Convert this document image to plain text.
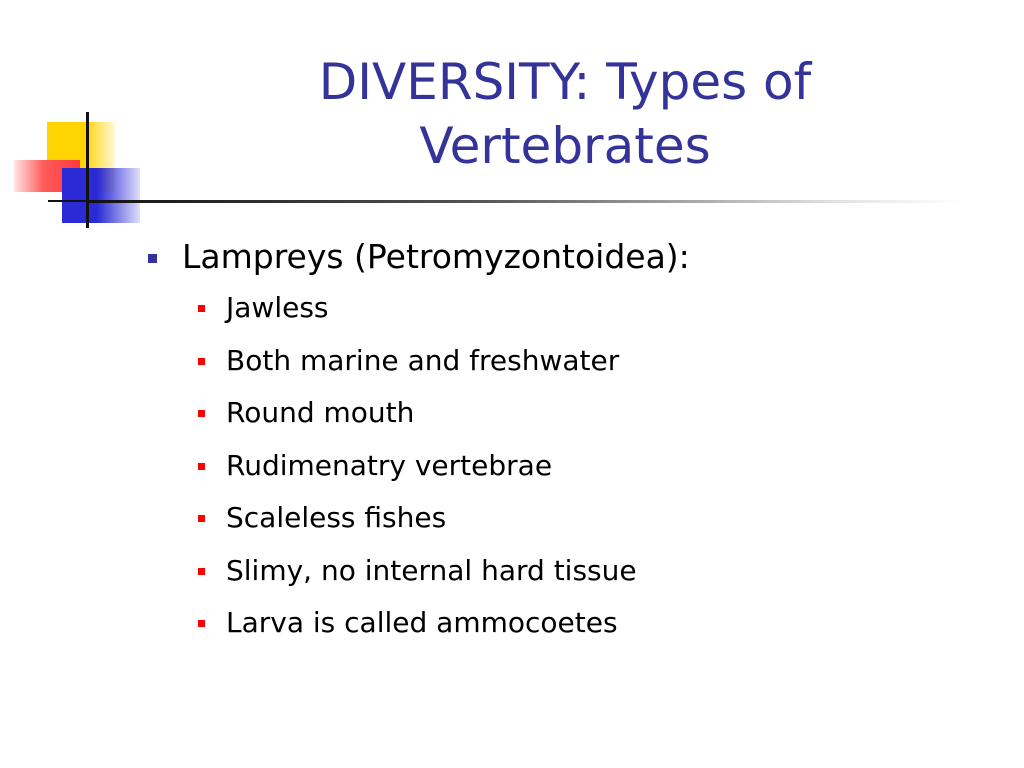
DIVERSITY: Types of
Vertebrates

Lampreys (Petromyzontoidea):

Jawless
Both marine and freshwater
Round mouth
Rudimenatry vertebrae
Scaleless fishes
Slimy, no internal hard tissue
Larva is called ammocoetes
